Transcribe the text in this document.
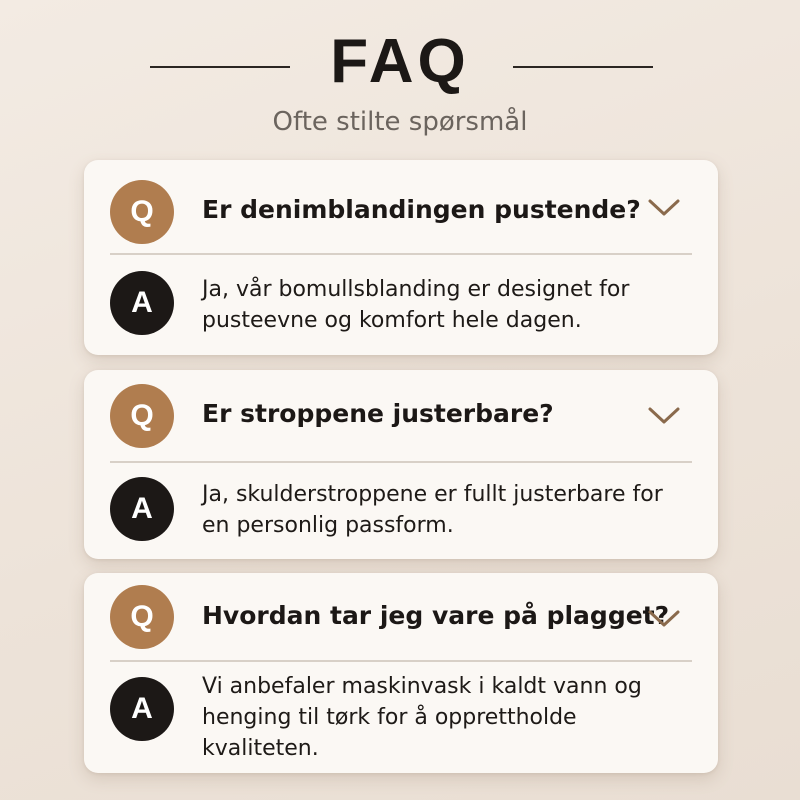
FAQ
Ofte stilte spørsmål
Q	Er denimblandingen pustende?
A	Ja, vår bomullsblanding er designet for pusteevne og komfort hele dagen.
Q	Er stroppene justerbare?
A	Ja, skulderstroppene er fullt justerbare for en personlig passform.
Q	Hvordan tar jeg vare på plagget?
A
Vi anbefaler maskinvask i kaldt vann og henging til tørk for å opprettholde kvaliteten.
